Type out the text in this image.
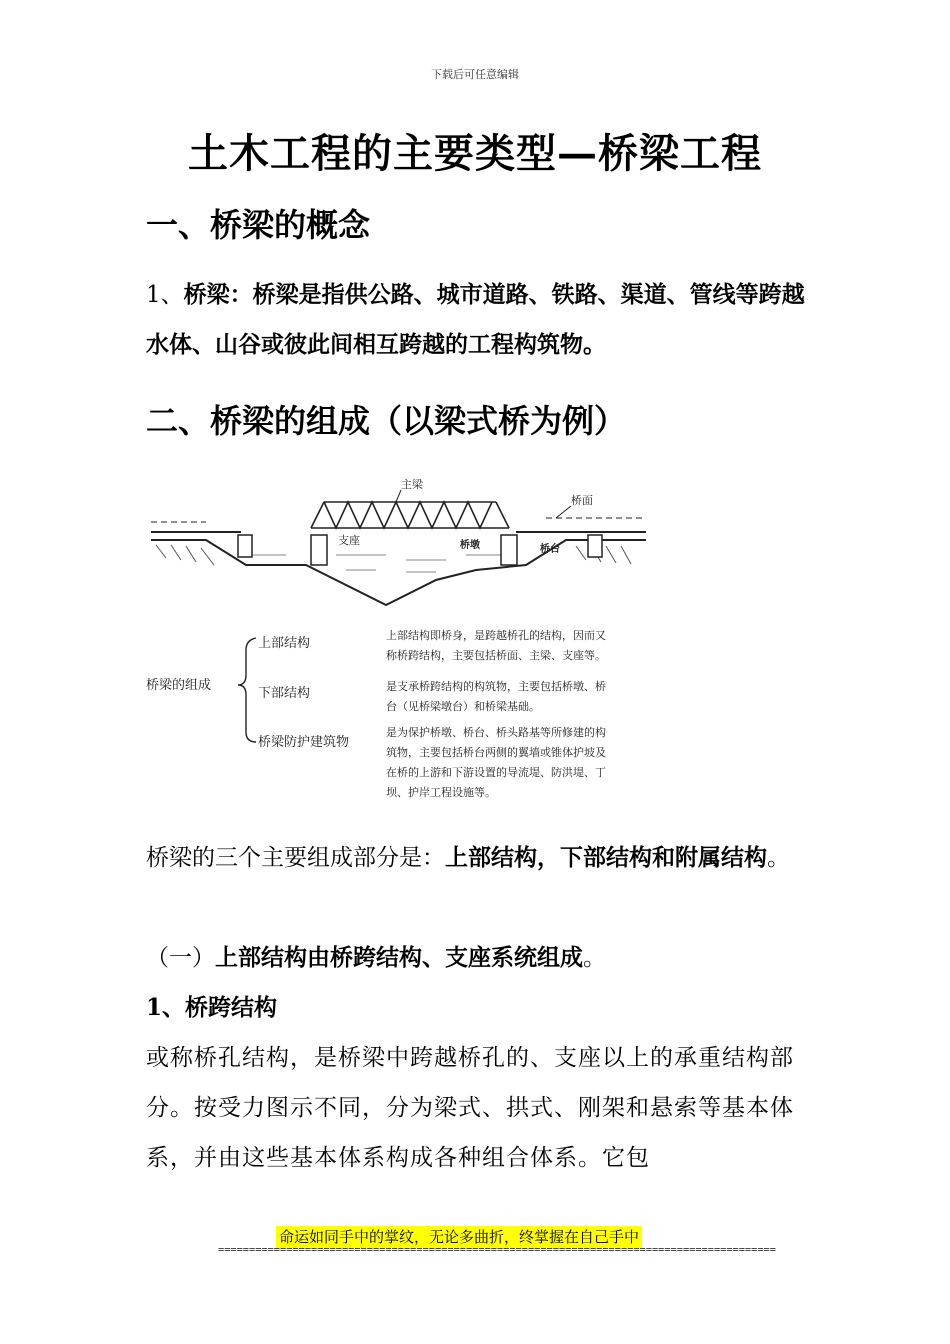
下载后可任意编辑
土木工程的主要类型—桥梁工程
一、桥梁的概念
1、桥梁：桥梁是指供公路、城市道路、铁路、渠道、管线等跨越水体、山谷或彼此间相互跨越的工程构筑物。
二、桥梁的组成（以梁式桥为例）
主梁
桥面
支座	桥墩	桥台
桥梁的组成
上部结构
下部结构
桥梁防护建筑物
上部结构即桥身，是跨越桥孔的结构，因而又
称桥跨结构，主要包括桥面、主梁、支座等。
是支承桥跨结构的构筑物，主要包括桥墩、桥
台（见桥梁墩台）和桥梁基础。
是为保护桥墩、桥台、桥头路基等所修建的构
筑物，主要包括桥台两侧的翼墙或锥体护坡及
在桥的上游和下游设置的导流堤、防洪堤、丁
坝、护岸工程设施等。
桥梁的三个主要组成部分是：上部结构，下部结构和附属结构。
（一）上部结构由桥跨结构、支座系统组成。
1、桥跨结构
或称桥孔结构，是桥梁中跨越桥孔的、支座以上的承重结构部分。按受力图示不同，分为梁式、拱式、刚架和悬索等基本体系，并由这些基本体系构成各种组合体系。它包
命运如同手中的掌纹，无论多曲折，终掌握在自己手中
==========================================================================================
